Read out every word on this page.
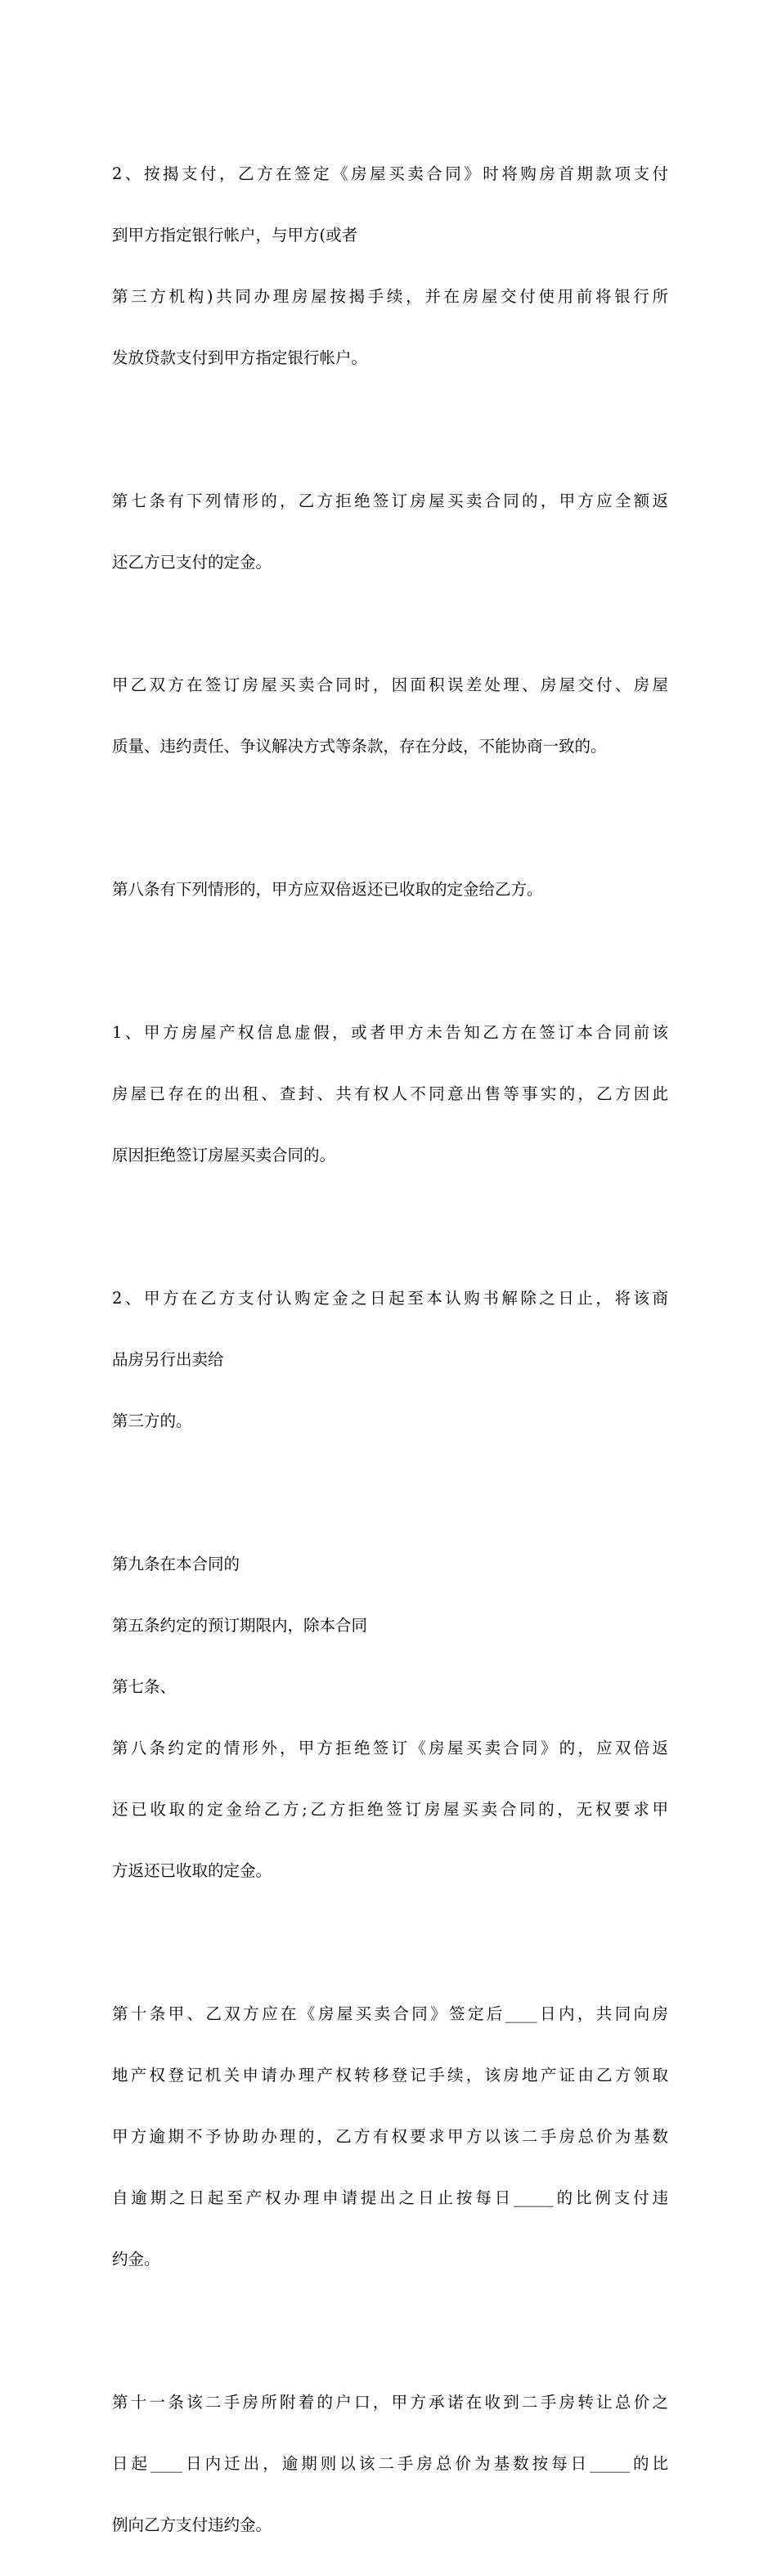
2、按揭支付，乙方在签定《房屋买卖合同》时将购房首期款项支付

到甲方指定银行帐户，与甲方(或者

第三方机构)共同办理房屋按揭手续，并在房屋交付使用前将银行所

发放贷款支付到甲方指定银行帐户。

第七条有下列情形的，乙方拒绝签订房屋买卖合同的，甲方应全额返

还乙方已支付的定金。

甲乙双方在签订房屋买卖合同时，因面积误差处理、房屋交付、房屋

质量、违约责任、争议解决方式等条款，存在分歧，不能协商一致的。

第八条有下列情形的，甲方应双倍返还已收取的定金给乙方。

1、甲方房屋产权信息虚假，或者甲方未告知乙方在签订本合同前该

房屋已存在的出租、查封、共有权人不同意出售等事实的，乙方因此

原因拒绝签订房屋买卖合同的。

2、甲方在乙方支付认购定金之日起至本认购书解除之日止，将该商

品房另行出卖给

第三方的。

第九条在本合同的

第五条约定的预订期限内，除本合同

第七条、

第八条约定的情形外，甲方拒绝签订《房屋买卖合同》的，应双倍返

还已收取的定金给乙方;乙方拒绝签订房屋买卖合同的，无权要求甲

方返还已收取的定金。

第十条甲、乙双方应在《房屋买卖合同》签定后____日内，共同向房

地产权登记机关申请办理产权转移登记手续，该房地产证由乙方领取

甲方逾期不予协助办理的，乙方有权要求甲方以该二手房总价为基数

自逾期之日起至产权办理申请提出之日止按每日_____的比例支付违

约金。

第十一条该二手房所附着的户口，甲方承诺在收到二手房转让总价之

日起____日内迁出，逾期则以该二手房总价为基数按每日_____的比

例向乙方支付违约金。
